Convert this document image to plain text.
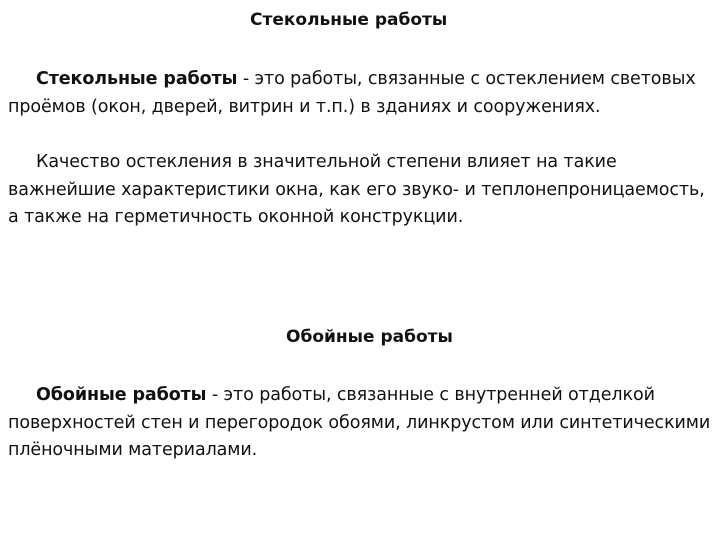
Стекольные работы

Стекольные работы - это работы, связанные с остеклением световых проёмов (окон, дверей, витрин и т.п.) в зданиях и сооружениях.

Качество остекления в значительной степени влияет на такие важнейшие характеристики окна, как его звуко- и теплонепроницаемость, а также на герметичность оконной конструкции.

Обойные работы

Обойные работы - это работы, связанные с внутренней отделкой поверхностей стен и перегородок обоями, линкрустом или синтетическими плёночными материалами.
